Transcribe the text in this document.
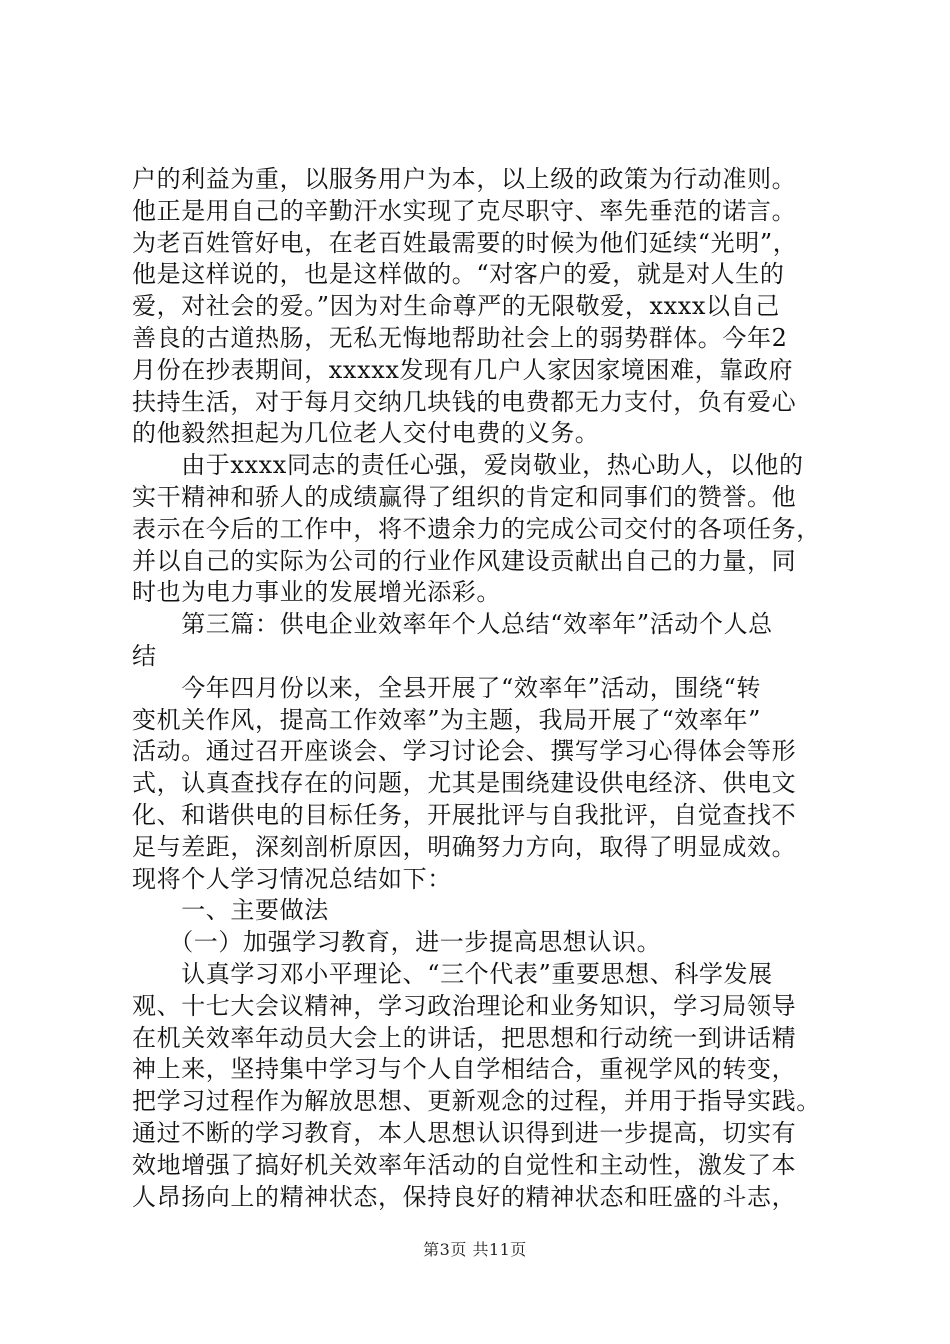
户的利益为重，以服务用户为本，以上级的政策为行动准则。
他正是用自己的辛勤汗水实现了克尽职守、率先垂范的诺言。
为老百姓管好电，在老百姓最需要的时候为他们延续“光明”，
他是这样说的，也是这样做的。“对客户的爱，就是对人生的
爱，对社会的爱。”因为对生命尊严的无限敬爱，xxxx以自己
善良的古道热肠，无私无悔地帮助社会上的弱势群体。今年2
月份在抄表期间，xxxxx发现有几户人家因家境困难，靠政府
扶持生活，对于每月交纳几块钱的电费都无力支付，负有爱心
的他毅然担起为几位老人交付电费的义务。
　　由于xxxx同志的责任心强，爱岗敬业，热心助人，以他的
实干精神和骄人的成绩赢得了组织的肯定和同事们的赞誉。他
表示在今后的工作中，将不遗余力的完成公司交付的各项任务，
并以自己的实际为公司的行业作风建设贡献出自己的力量，同
时也为电力事业的发展增光添彩。
　　第三篇：供电企业效率年个人总结“效率年”活动个人总
结
　　今年四月份以来，全县开展了“效率年”活动，围绕“转
变机关作风，提高工作效率”为主题，我局开展了“效率年”
活动。通过召开座谈会、学习讨论会、撰写学习心得体会等形
式，认真查找存在的问题，尤其是围绕建设供电经济、供电文
化、和谐供电的目标任务，开展批评与自我批评，自觉查找不
足与差距，深刻剖析原因，明确努力方向，取得了明显成效。
现将个人学习情况总结如下：
　　一、主要做法
　　（一）加强学习教育，进一步提高思想认识。
　　认真学习邓小平理论、“三个代表”重要思想、科学发展
观、十七大会议精神，学习政治理论和业务知识，学习局领导
在机关效率年动员大会上的讲话，把思想和行动统一到讲话精
神上来，坚持集中学习与个人自学相结合，重视学风的转变，
把学习过程作为解放思想、更新观念的过程，并用于指导实践。
通过不断的学习教育，本人思想认识得到进一步提高，切实有
效地增强了搞好机关效率年活动的自觉性和主动性，激发了本
人昂扬向上的精神状态，保持良好的精神状态和旺盛的斗志，
第3页 共11页
